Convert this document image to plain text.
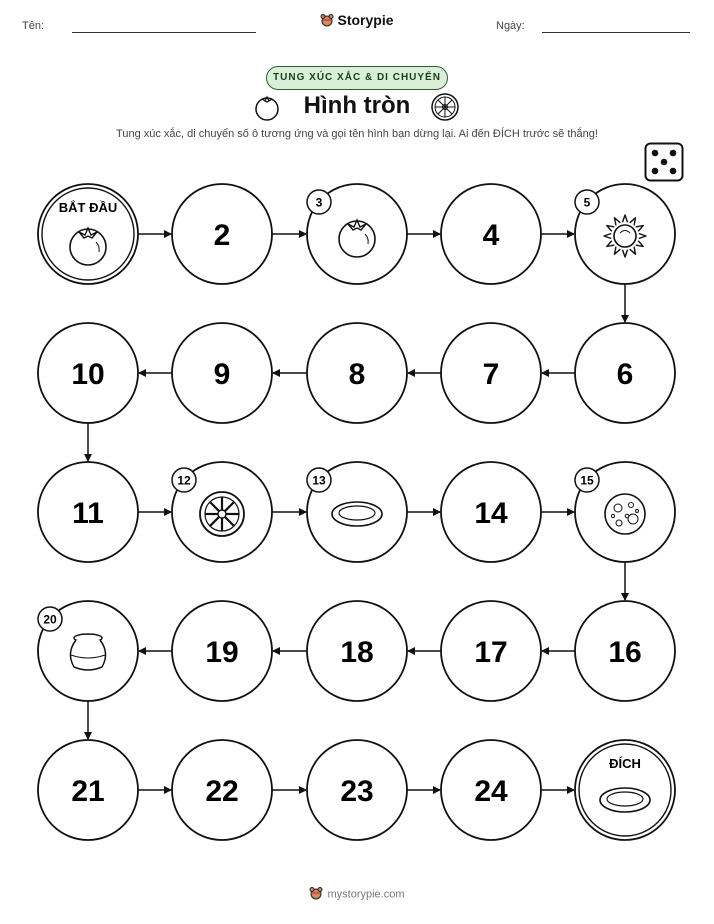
Tên:	Ngày:
Storypie
TUNG XÚC XẮC & DI CHUYỂN
Hình tròn
Tung xúc xắc, di chuyển số ô tương ứng và gọi tên hình bạn dừng lại. Ai đến ĐÍCH trước sẽ thắng!
BẮT ĐẦU
2
3
4
5
6
7
8
9
10
11
12	13
14
15
16
17
18
19
20
21	22	23	24
ĐÍCH
mystorypie.com
